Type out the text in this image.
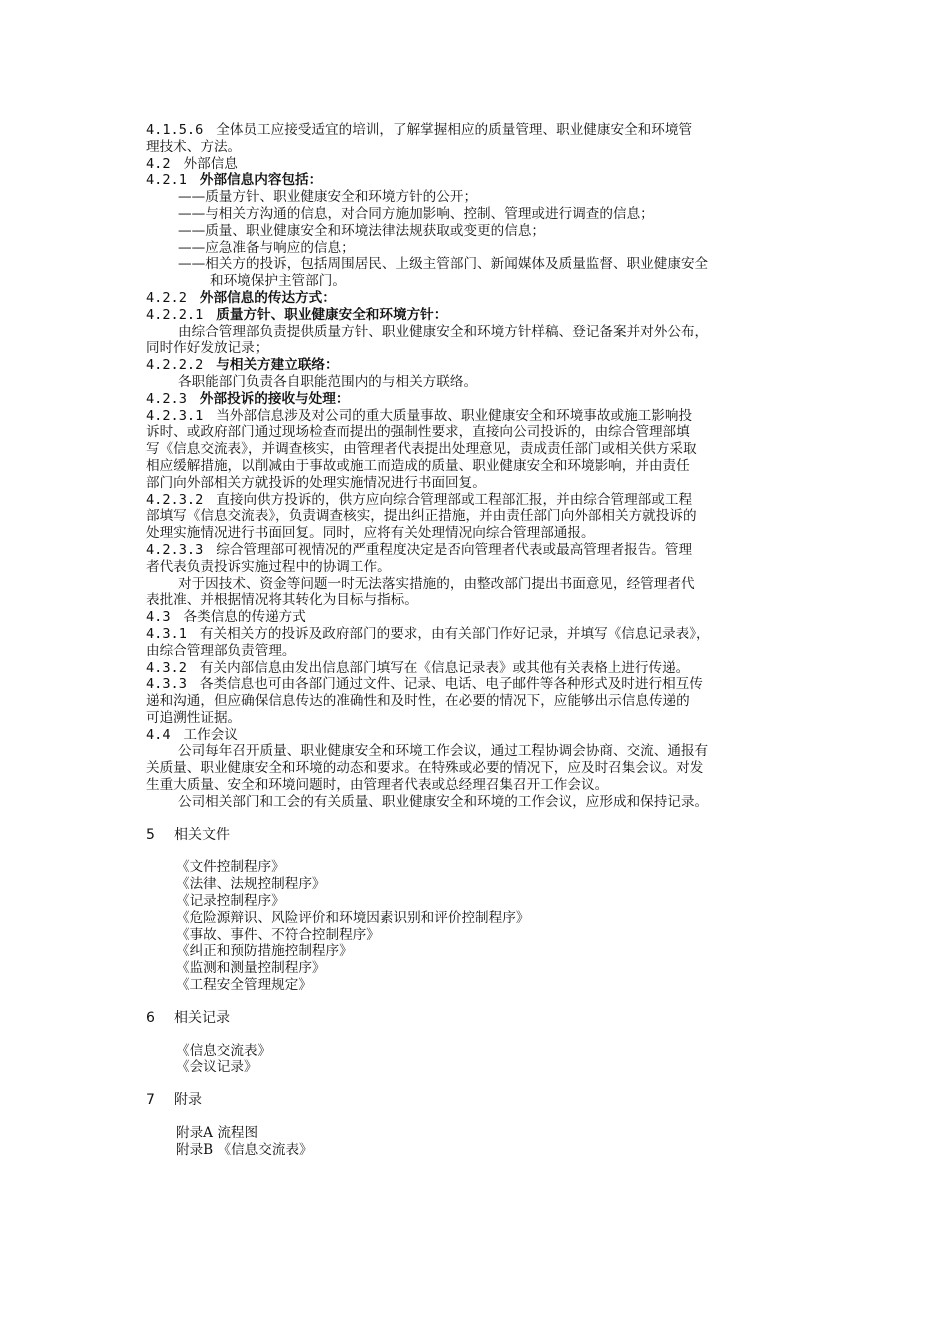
4.1.5.6 全体员工应接受适宜的培训，了解掌握相应的质量管理、职业健康安全和环境管
理技术、方法。
4.2 外部信息
4.2.1 外部信息内容包括：
——质量方针、职业健康安全和环境方针的公开；
——与相关方沟通的信息，对合同方施加影响、控制、管理或进行调查的信息；
——质量、职业健康安全和环境法律法规获取或变更的信息；
——应急准备与响应的信息；
——相关方的投诉，包括周围居民、上级主管部门、新闻媒体及质量监督、职业健康安全
和环境保护主管部门。
4.2.2 外部信息的传达方式：
4.2.2.1 质量方针、职业健康安全和环境方针：
由综合管理部负责提供质量方针、职业健康安全和环境方针样稿、登记备案并对外公布，
同时作好发放记录；
4.2.2.2 与相关方建立联络：
各职能部门负责各自职能范围内的与相关方联络。
4.2.3 外部投诉的接收与处理：
4.2.3.1 当外部信息涉及对公司的重大质量事故、职业健康安全和环境事故或施工影响投
诉时、或政府部门通过现场检查而提出的强制性要求，直接向公司投诉的，由综合管理部填
写《信息交流表》，并调查核实，由管理者代表提出处理意见，责成责任部门或相关供方采取
相应缓解措施，以削减由于事故或施工而造成的质量、职业健康安全和环境影响，并由责任
部门向外部相关方就投诉的处理实施情况进行书面回复。
4.2.3.2 直接向供方投诉的，供方应向综合管理部或工程部汇报，并由综合管理部或工程
部填写《信息交流表》，负责调查核实，提出纠正措施，并由责任部门向外部相关方就投诉的
处理实施情况进行书面回复。同时，应将有关处理情况向综合管理部通报。
4.2.3.3 综合管理部可视情况的严重程度决定是否向管理者代表或最高管理者报告。管理
者代表负责投诉实施过程中的协调工作。
对于因技术、资金等问题一时无法落实措施的，由整改部门提出书面意见，经管理者代
表批准、并根据情况将其转化为目标与指标。
4.3 各类信息的传递方式
4.3.1 有关相关方的投诉及政府部门的要求，由有关部门作好记录，并填写《信息记录表》，
由综合管理部负责管理。
4.3.2 有关内部信息由发出信息部门填写在《信息记录表》或其他有关表格上进行传递。
4.3.3 各类信息也可由各部门通过文件、记录、电话、电子邮件等各种形式及时进行相互传
递和沟通，但应确保信息传达的准确性和及时性，在必要的情况下，应能够出示信息传递的
可追溯性证据。
4.4 工作会议
公司每年召开质量、职业健康安全和环境工作会议，通过工程协调会协商、交流、通报有
关质量、职业健康安全和环境的动态和要求。在特殊或必要的情况下，应及时召集会议。对发
生重大质量、安全和环境问题时，由管理者代表或总经理召集召开工作会议。
公司相关部门和工会的有关质量、职业健康安全和环境的工作会议，应形成和保持记录。
5 相关文件
《文件控制程序》
《法律、法规控制程序》
《记录控制程序》
《危险源辩识、风险评价和环境因素识别和评价控制程序》
《事故、事件、不符合控制程序》
《纠正和预防措施控制程序》
《监测和测量控制程序》
《工程安全管理规定》
6 相关记录
《信息交流表》
《会议记录》
7 附录
附录A 流程图
附录B 《信息交流表》
